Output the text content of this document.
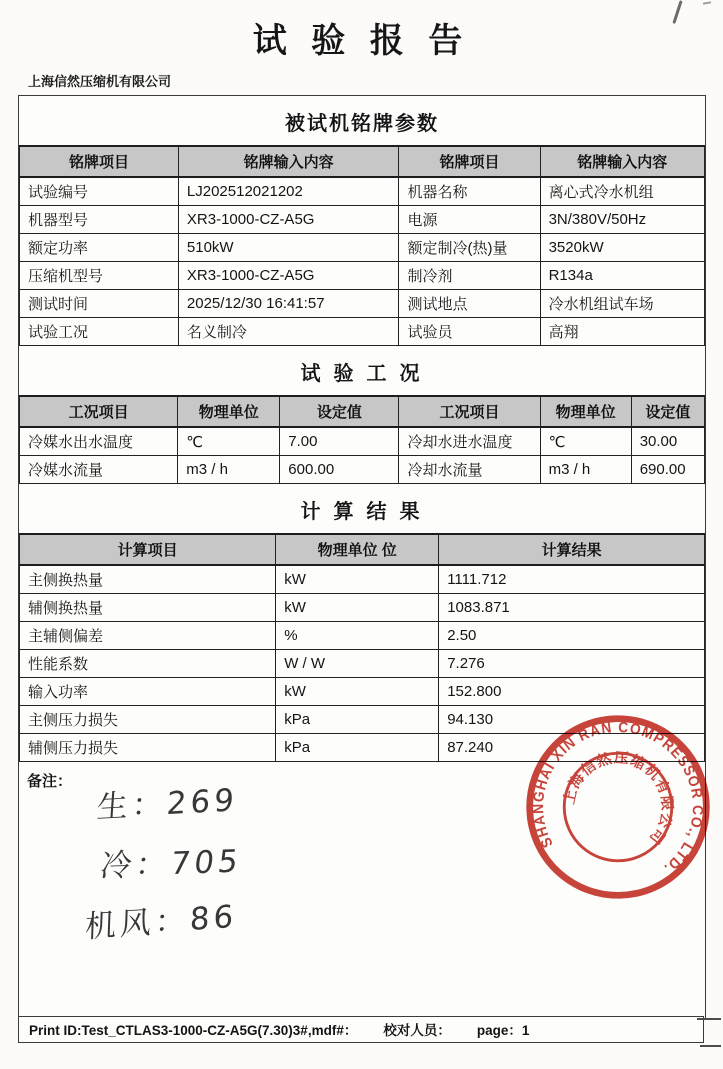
试 验 报 告
上海信然压缩机有限公司
被试机铭牌参数
铭牌项目	铭牌输入内容	铭牌项目	铭牌输入内容
试验编号	LJ202512021202	机器名称	离心式冷水机组
机器型号	XR3-1000-CZ-A5G	电源	3N/380V/50Hz
额定功率	510kW	额定制冷(热)量	3520kW
压缩机型号	XR3-1000-CZ-A5G	制冷剂	R134a
测试时间	2025/12/30 16:41:57	测试地点	冷水机组试车场
试验工况	名义制冷	试验员	高翔
试 验 工 况
工况项目	物理单位	设定值	工况项目	物理单位	设定值
冷媒水出水温度	℃	7.00	冷却水进水温度	℃	30.00
冷媒水流量	m3 / h	600.00	冷却水流量	m3 / h	690.00
计 算 结 果
计算项目	物理单位 位	计算结果
主侧换热量	kW	1111.712
辅侧换热量	kW	1083.871
主辅侧偏差	%	2.50
性能系数	W / W	7.276
输入功率	kW	152.800
主侧压力损失	kPa	94.130
辅侧压力损失	kPa	87.240
备注：
生：269
冷：705
机风：86
SHANGHAI XIN RAN COMPRESSOR CO., LTD.
上海信然压缩机有限公司
Print ID:Test_CTLAS3-1000-CZ-A5G(7.30)3#,mdf#： 校对人员： page：1
